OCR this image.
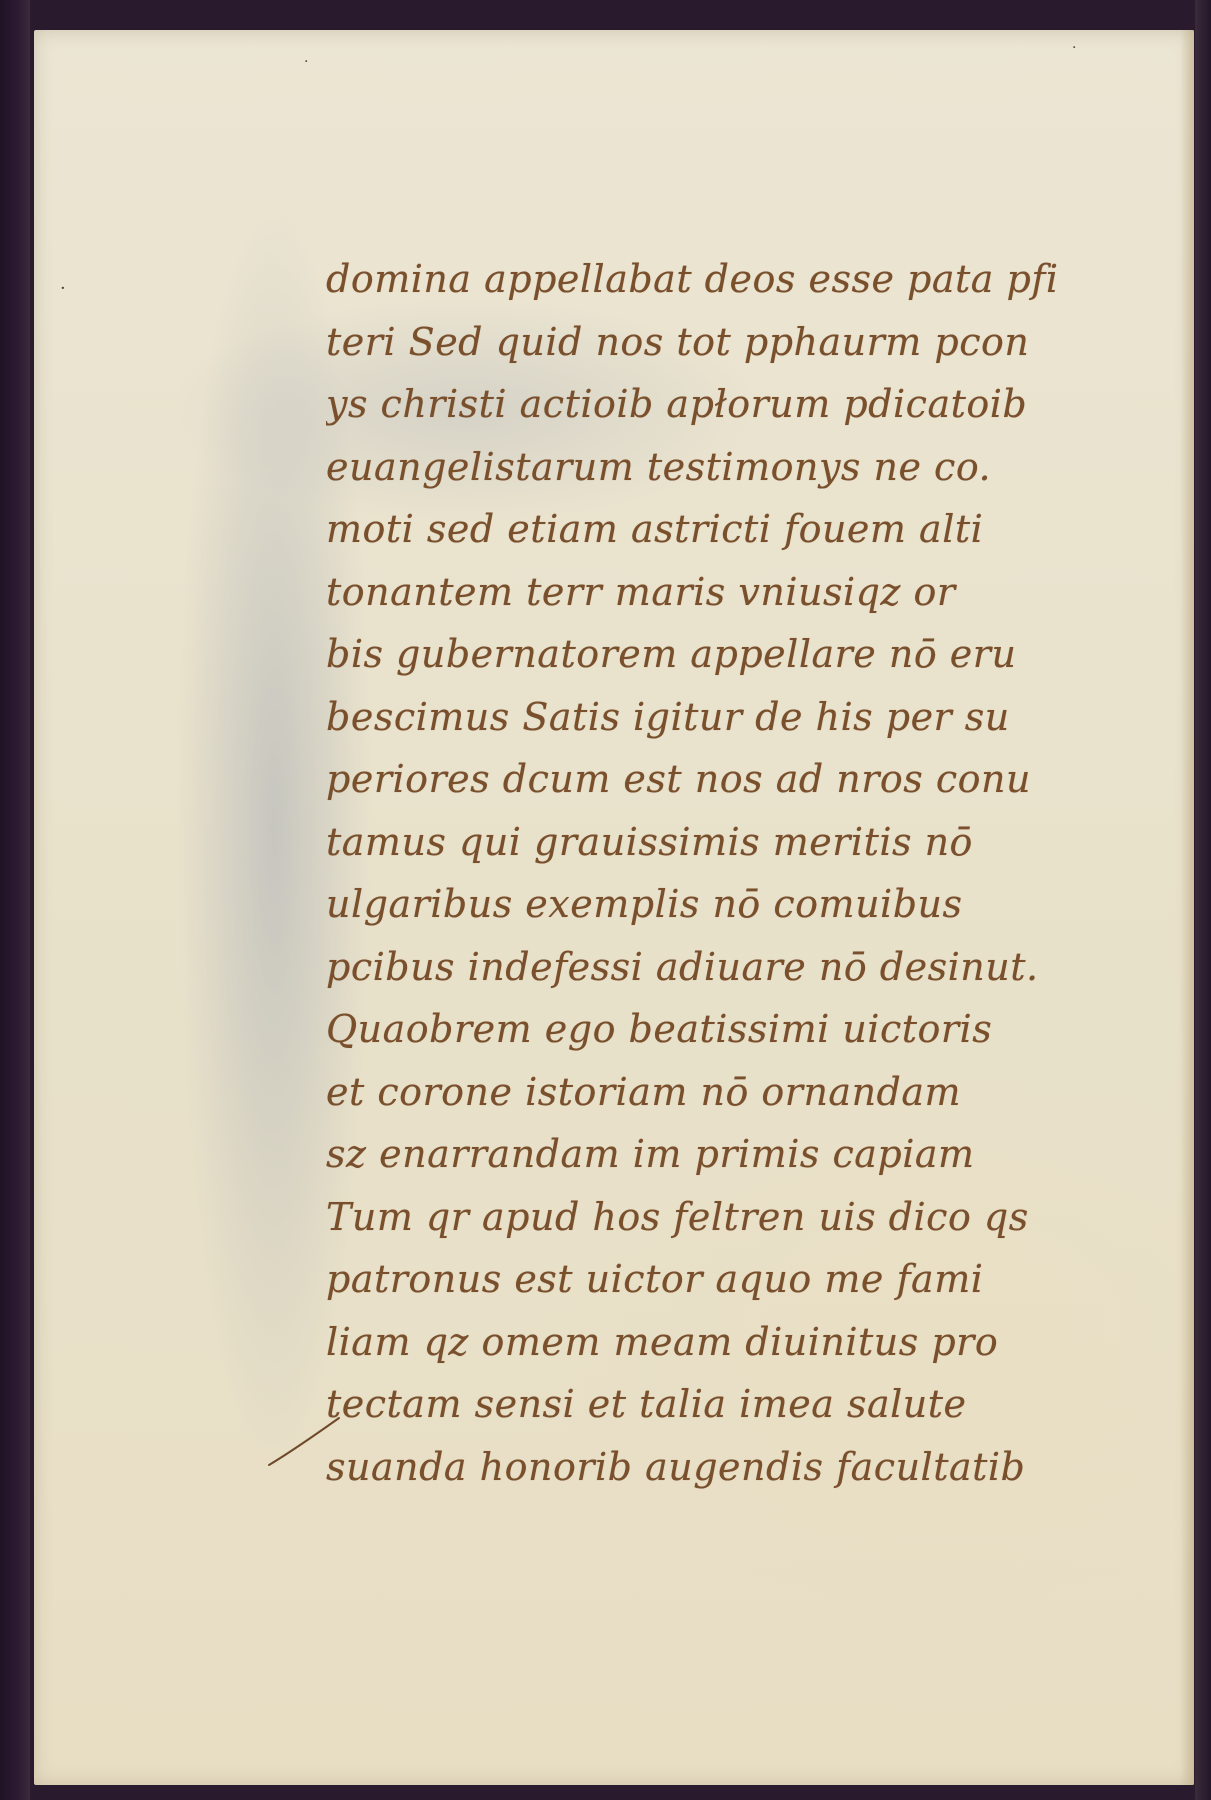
·
·
·	domina appellabat deos esse pata pfi
teri Sed quid nos tot pphaurm pcon
ys christi actioib apłorum pdicatoib
euangelistarum testimonys ne co.
moti sed etiam astricti fouem alti
tonantem terr maris vniusiqz or
bis gubernatorem appellare nō eru
bescimus Satis igitur de his per su
periores dcum est nos ad nros conu
tamus qui grauissimis meritis nō
ulgaribus exemplis nō comuibus
pcibus indefessi adiuare nō desinut.
Quaobrem ego beatissimi uictoris
et corone istoriam nō ornandam
sz enarrandam im primis capiam
Tum qr apud hos feltren uis dico qs
patronus est uictor aquo me fami
liam qz omem meam diuinitus pro
tectam sensi et talia imea salute
suanda honorib augendis facultatib
